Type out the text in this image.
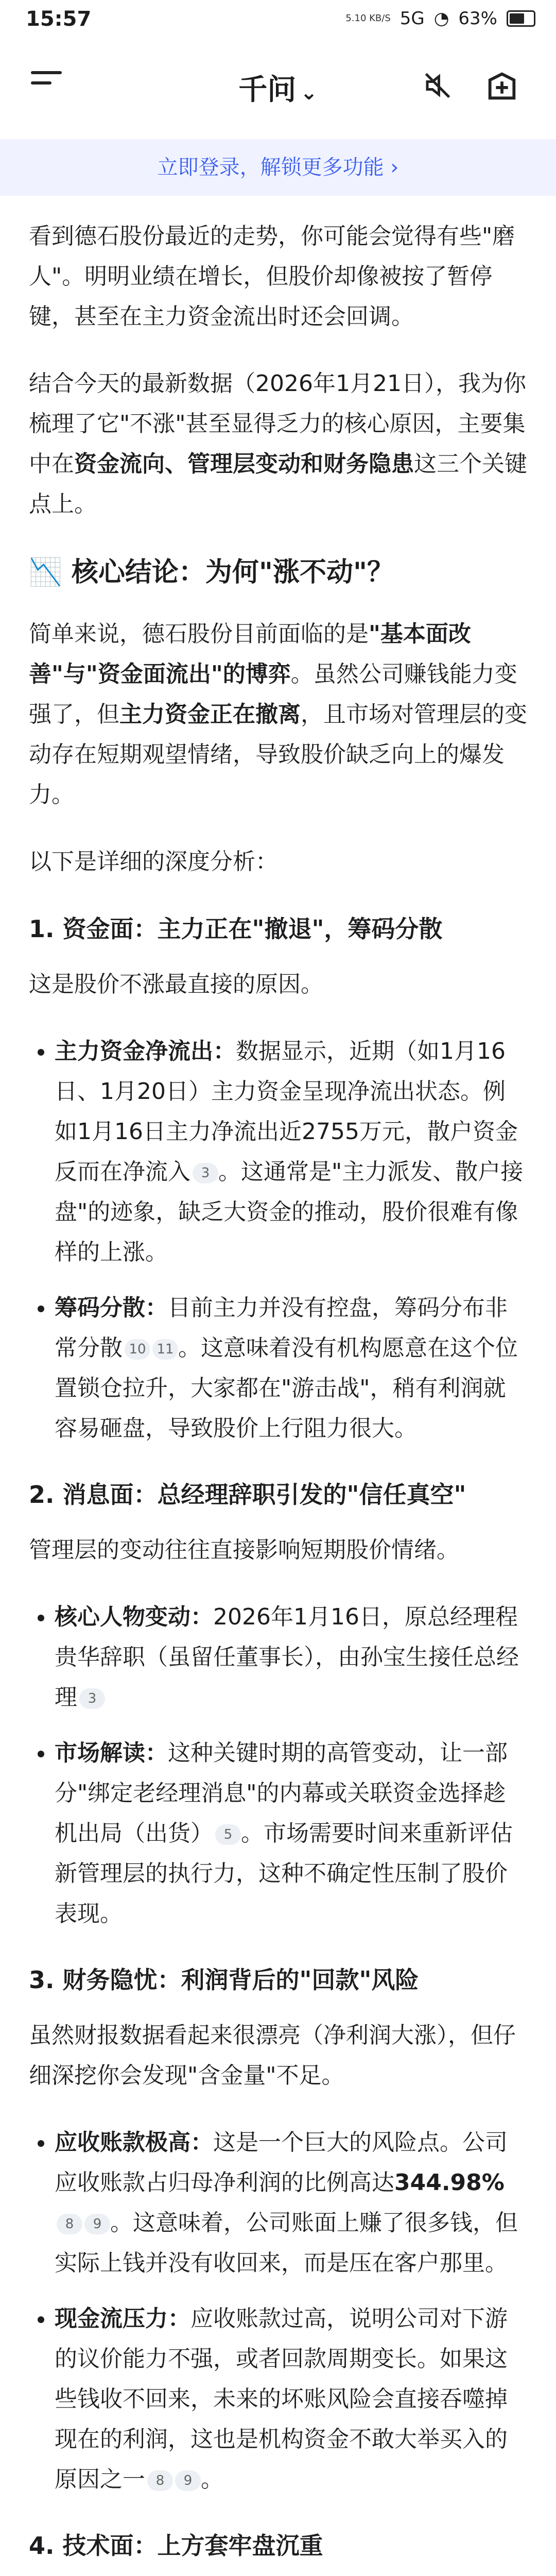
15:57	5.10 KB/S 5G ◔ 63%
千问 ⌄
立即登录，解锁更多功能 ›

看到德石股份最近的走势，你可能会觉得有些"磨人"。明明业绩在增长，但股价却像被按了暂停键，甚至在主力资金流出时还会回调。

结合今天的最新数据（2026年1月21日），我为你梳理了它"不涨"甚至显得乏力的核心原因，主要集中在资金流向、管理层变动和财务隐患这三个关键点上。

📉 核心结论：为何"涨不动"？

简单来说，德石股份目前面临的是"基本面改善"与"资金面流出"的博弈。虽然公司赚钱能力变强了，但主力资金正在撤离，且市场对管理层的变动存在短期观望情绪，导致股价缺乏向上的爆发力。

以下是详细的深度分析：

1. 资金面：主力正在"撤退"，筹码分散

这是股价不涨最直接的原因。

• 主力资金净流出：数据显示，近期（如1月16日、1月20日）主力资金呈现净流出状态。例如1月16日主力净流出近2755万元，散户资金反而在净流入 3 。这通常是"主力派发、散户接盘"的迹象，缺乏大资金的推动，股价很难有像样的上涨。
• 筹码分散：目前主力并没有控盘，筹码分布非常分散 10 11 。这意味着没有机构愿意在这个位置锁仓拉升，大家都在"游击战"，稍有利润就容易砸盘，导致股价上行阻力很大。
2. 消息面：总经理辞职引发的"信任真空"

管理层的变动往往直接影响短期股价情绪。

• 核心人物变动：2026年1月16日，原总经理程贵华辞职（虽留任董事长），由孙宝生接任总经理 3
• 市场解读：这种关键时期的高管变动，让一部分"绑定老经理消息"的内幕或关联资金选择趁机出局（出货） 5 。市场需要时间来重新评估新管理层的执行力，这种不确定性压制了股价表现。
3. 财务隐忧：利润背后的"回款"风险

虽然财报数据看起来很漂亮（净利润大涨），但仔细深挖你会发现"含金量"不足。

• 应收账款极高：这是一个巨大的风险点。公司应收账款占归母净利润的比例高达344.98%8 9 。这意味着，公司账面上赚了很多钱，但实际上钱并没有收回来，而是压在客户那里。
• 现金流压力：应收账款过高，说明公司对下游的议价能力不强，或者回款周期变长。如果这些钱收不回来，未来的坏账风险会直接吞噬掉现在的利润，这也是机构资金不敢大举买入的原因之一 8 9 。
4. 技术面：上方套牢盘沉重
